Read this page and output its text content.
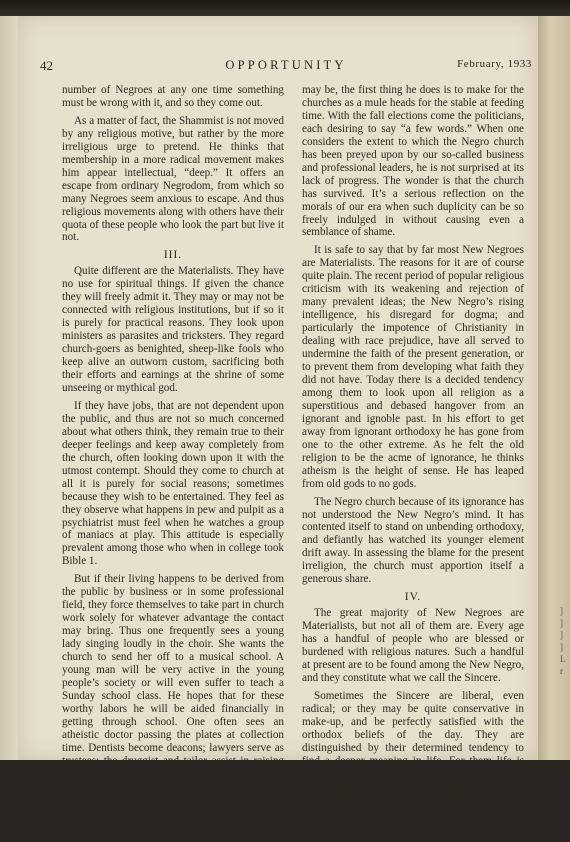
42	OPPORTUNITY	February, 1933

number of Negroes at any one time something must be wrong with it, and so they come out.

As a matter of fact, the Shammist is not moved by any religious motive, but rather by the more irreligious urge to pretend. He thinks that membership in a more radical movement makes him appear intellectual, “deep.” It offers an escape from ordinary Negrodom, from which so many Negroes seem anxious to escape. And thus religious movements along with others have their quota of these people who look the part but live it not.

III.

Quite different are the Materialists. They have no use for spiritual things. If given the chance they will freely admit it. They may or may not be connected with religious institutions, but if so it is purely for practical reasons. They look upon ministers as parasites and tricksters. They regard church-goers as benighted, sheep-like fools who keep alive an outworn custom, sacrificing both their efforts and earnings at the shrine of some unseeing or mythical god.

If they have jobs, that are not dependent upon the public, and thus are not so much concerned about what others think, they remain true to their deeper feelings and keep away completely from the church, often looking down upon it with the utmost contempt. Should they come to church at all it is purely for social reasons; sometimes because they wish to be entertained. They feel as they observe what happens in pew and pulpit as a psychiatrist must feel when he watches a group of maniacs at play. This attitude is especially prevalent among those who when in college took Bible 1.

But if their living happens to be derived from the public by business or in some professional field, they force themselves to take part in church work solely for whatever advantage the contact may bring. Thus one frequently sees a young lady singing loudly in the choir. She wants the church to send her off to a musical school. A young man will be very active in the young people’s society or will even suffer to teach a Sunday school class. He hopes that for these worthy labors he will be aided financially in getting through school. One often sees an atheistic doctor passing the plates at collection time. Dentists become deacons; lawyers serve as trustees; the druggist and tailor assist in raising funds. Yet in all this activity there isn’t a shadow of religious sincerity. They are working solely for their selfish aims.

Let a man be moved by a dream of a business project, no matter how wild or impractical it

may be, the first thing he does is to make for the churches as a mule heads for the stable at feeding time. With the fall elections come the politicians, each desiring to say “a few words.” When one considers the extent to which the Negro church has been preyed upon by our so-called business and professional leaders, he is not surprised at its lack of progress. The wonder is that the church has survived. It’s a serious reflection on the morals of our era when such duplicity can be so freely indulged in without causing even a semblance of shame.

It is safe to say that by far most New Negroes are Materialists. The reasons for it are of course quite plain. The recent period of popular religious criticism with its weakening and rejection of many prevalent ideas; the New Negro’s rising intelligence, his disregard for dogma; and particularly the impotence of Christianity in dealing with race prejudice, have all served to undermine the faith of the present generation, or to prevent them from developing what faith they did not have. Today there is a decided tendency among them to look upon all religion as a superstitious and debased hangover from an ignorant and ignoble past. In his effort to get away from ignorant orthodoxy he has gone from one to the other extreme. As he felt the old religion to be the acme of ignorance, he thinks atheism is the height of sense. He has leaped from old gods to no gods.

The Negro church because of its ignorance has not understood the New Negro’s mind. It has contented itself to stand on unbending orthodoxy, and defiantly has watched its younger element drift away. In assessing the blame for the present irreligion, the church must apportion itself a generous share.

IV.

The great majority of New Negroes are Materialists, but not all of them are. Every age has a handful of people who are blessed or burdened with religious natures. Such a handful at present are to be found among the New Negro, and they constitute what we call the Sincere.

Sometimes the Sincere are liberal, even radical; or they may be quite conservative in make-up, and be perfectly satisfied with the orthodox beliefs of the day. They are distinguished by their determined tendency to find a deeper meaning in life. For them life is more than a mortgaged house, a radio and a second-hand automobile, with a possible membership in some exclusive social club. They take life

]
]
]
]
L
r
